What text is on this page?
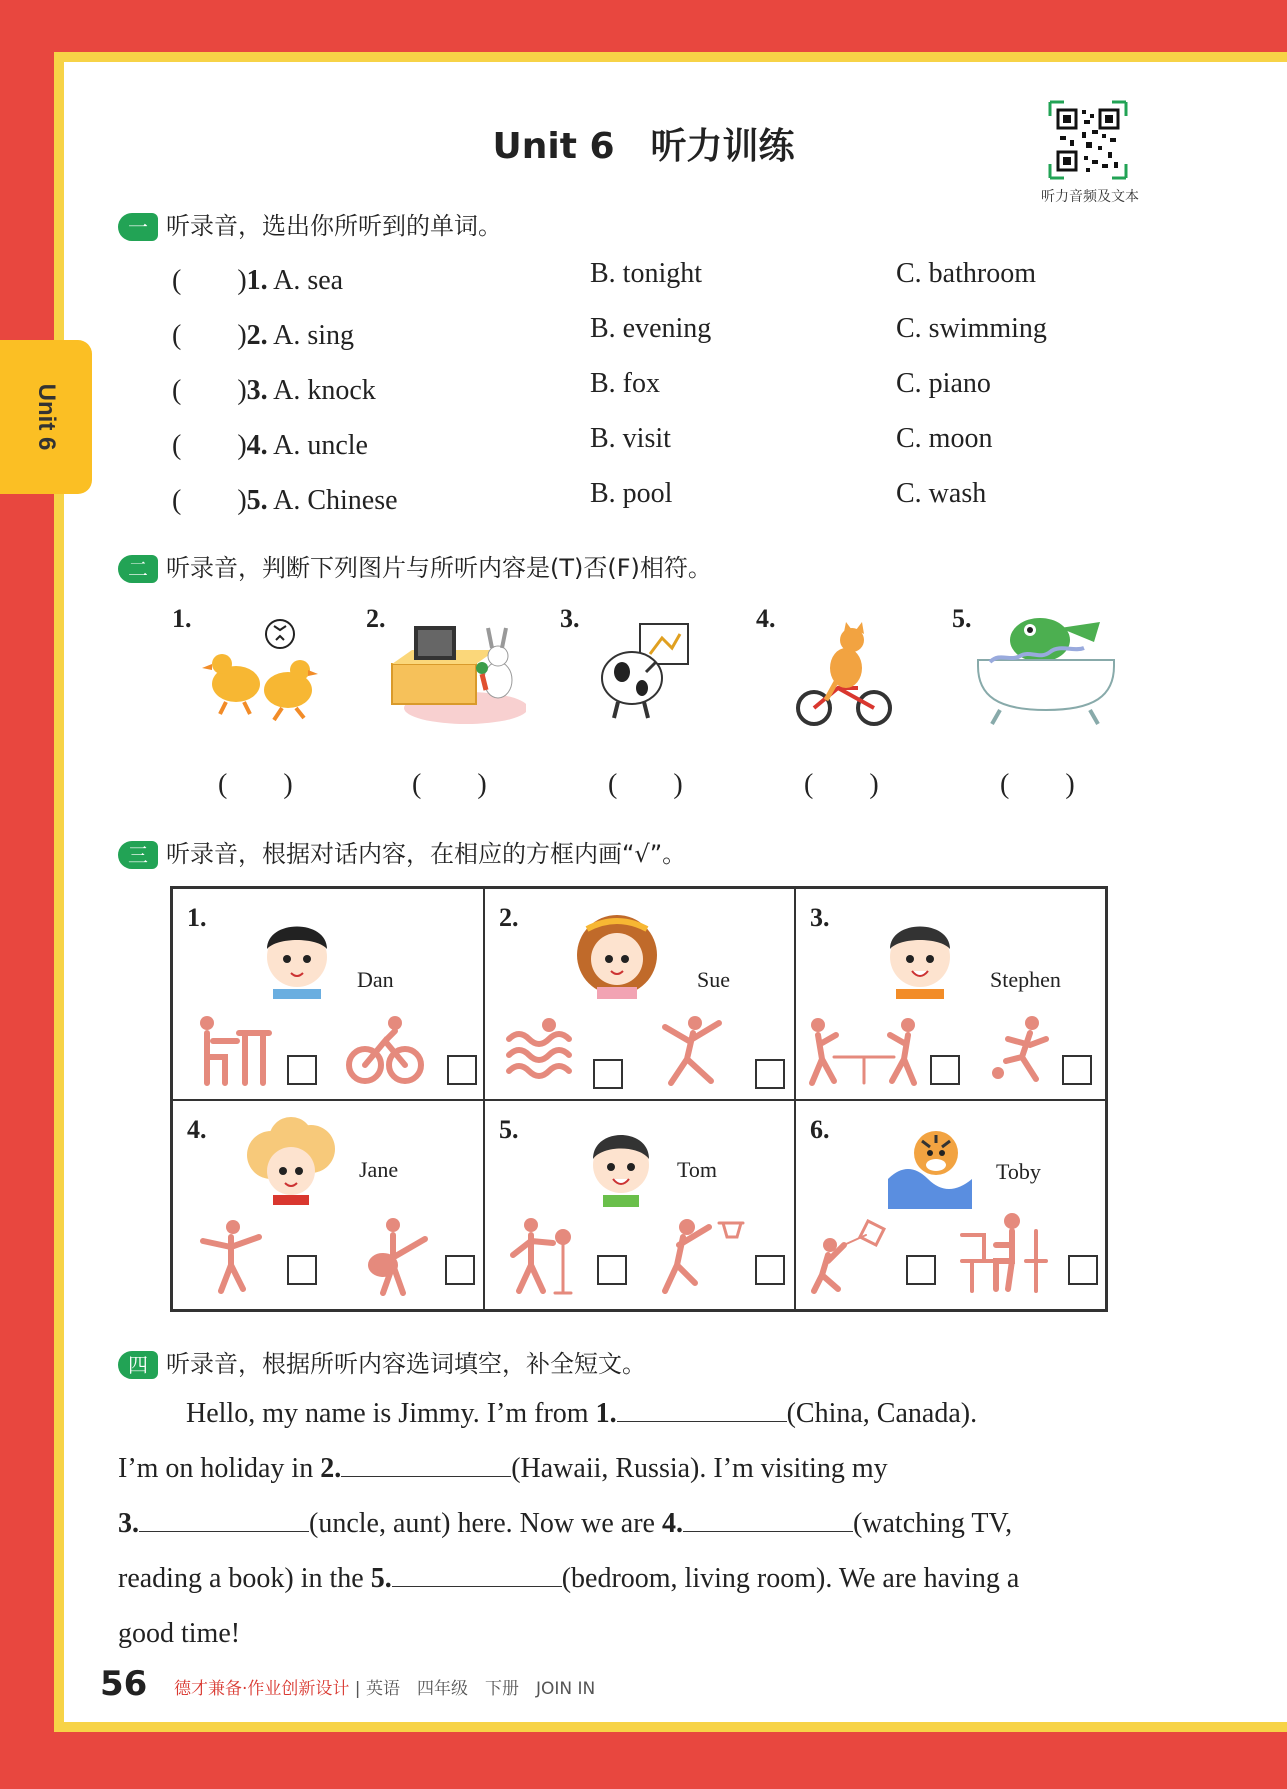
Unit 6
Unit 6　听力训练
听力音频及文本
一 听录音，选出你所听到的单词。
(　　)1. A. sea	B. tonight	C. bathroom
(　　)2. A. sing	B. evening	C. swimming
(　　)3. A. knock	B. fox	C. piano
(　　)4. A. uncle	B. visit	C. moon
(　　)5. A. Chinese	B. pool	C. wash
二 听录音，判断下列图片与所听内容是(T)否(F)相符。
1.	2.	3.	4.	5.
(　　)	(　　)	(　　)	(　　)	(　　)
三 听录音，根据对话内容，在相应的方框内画“√”。
1.
Dan
2.
Sue
3.
Stephen
4.
Jane
5.
Tom
6.
Toby
四 听录音，根据所听内容选词填空，补全短文。
Hello, my name is Jimmy. I’m from 1.	(China, Canada).
I’m on holiday in 2.	(Hawaii, Russia). I’m visiting my
3.	(uncle, aunt) here. Now we are 4.	(watching TV,
reading a book) in the 5.	(bedroom, living room). We are having a
good time!
56 德才兼备·作业创新设计 | 英语　 四年级　下册　JOIN IN
